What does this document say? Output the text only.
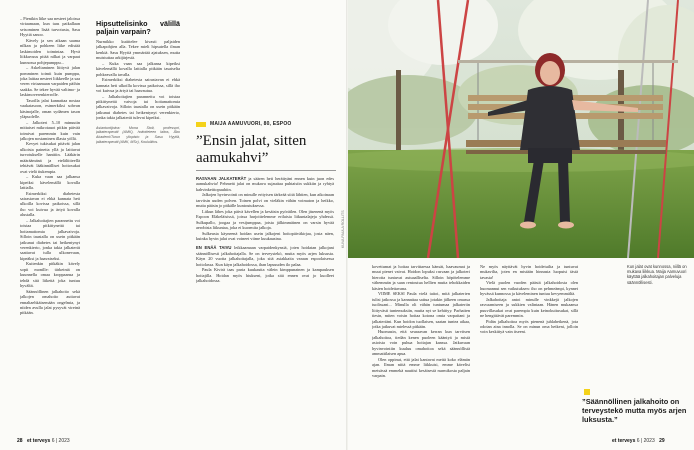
– Pienikin liike saa nesteet jaloissa virtaamaan, kun taas paikallaan seisominen lisää turvotusta, Sasu Hyytiä sanoo.

Kävely ja sen aikaan saama nilkan ja pohkeen liike edistää laskimoiden toimintaa. Hyvä liikkuvuus pitää nilkat ja varpaat kunnossa pohjepumppu...

– Askeltaminen liittyvä jalan pomminen toimii kuin pumppu, joka laittaa nesteet liikkeelle ja saa veren virtaamaan varpaiden päihin saakka. Se tekee hyvää valtimo- ja laskimoverenkierrolle.

Tasoilla jalat kannattaa nostaa vaakatasoon, esimerkiksi sohvan käsinojalle, oman sydämen tason yläpuolelle.

– Jalkoteri 5–10 minuutin mittaiset mikrotauot pitkin päivää toimivat paremmin kuin vain jalkojen nostaminen illasta yöllä.

Kevyet tukisukat pitävät jalan ulkoista painetta yllä ja laittavat turvotukselle hanttiin. Lääkärin määräämänä ja eteläliitteellä tehtävät lääkinnälliset hoitosukat ovat vielä tiukempia.

– Kuka vaan saa jalkansa kipeiksi kävelemällä kovalla lattialla.

Esimerkiksi diabetesta sairastavan ei ehkä kannata heti ulkoilla kovissa paikoissa, sillä iho voi kuivua ja ärtyä kovalla alustalla.

– Jalkahoitajien parannettu voi toistaa pitkittyneitä tai hoitamattomia jalkavaivoja. Silloin taustalla on usein pitkään jatkunut diabetes tai heikentynyt verenkierto, jonka takia jalkaterät saattavat tulla ulkonevaan, kipeäksi ja haavaiseksi.

Kuitenkin pitkäkin kävely sopii monille: tärkeintä on kuunnella omaa kroppaansa ja tehdä sitä liikettä joka tuntuu hyvältä.

Säännöllinen jalkahoito sekä jalkojen omahoito auttavat ennaltaehkäisemään ongelmia, ja niiden avulla jalat pysyvät vireinä pitkään.

Hipsuttelisinko välillä paljain varpain?

Nurmikko kutittelee kivasti paljaiden jalkapohjien alla. Tekee mieli hipsutella ilman kenkiä. Sasu Hyytiä ymmärtää ajatuksen, mutta muistuttaa arkijärjestä.

– Kuka vaan saa jalkansa kipeiksi kävelemällä kovalla lattialla pitkään tasaiselta pohkeavalla tavalla.

Esimerkiksi diabetesta sairastavan ei ehkä kannata heti ulkoilla kovissa paikoissa, sillä iho voi kuivua ja ärtyä tai haavautua.

– Jalkahoitajien parannettu voi toistaa pitkittyneitä vaivoja tai hoitamattomia jalkavaivoja. Silloin taustalla on usein pitkään jatkunut diabetes tai heikentynyt verenkierto, jonka takia jalkaterät tulevat kipeiksi.

Asiantuntijoina: Mona Stolt, professori, jalkaterapeutti (AMK), hoitotieteen laitos, Åbo Akademi/Turun yliopisto ja Sasu Hyytiä, jalkaterapeutti (AMK, MSc), Koululiitos.
MAIJA AAMUVUORI, 80, ESPOO
”Ensin jalat, sitten aamukahvi”

RASVAAN JALKATERÄT ja säären heti herättyäni ennen kuin juon edes aamukahvia! Pehmeät jalat on mukava sujauttaa puhtaisiin sukkiin ja ryhtyä kahvinkeittopuuhiin.

Jalkojen hyvinvointi on minulle erityisen tärkeää siitä lähtien, kun aikoinaan tarvitsin uuden polven. Toinen polvi on vieläkin vähän voimaton ja heikko, mutta pääsin jo pitkälle kuntoutuksessa.

Liikun lähes joka päivä kävellen ja kesäisin pyöräilen. Olen jäsenenä myös Espoon Eläkeläisissä, joissa harjoittelemme erilaisia liikuntalajeja yhdessä. Sulkupallo, joogaa ja vesijumppaa, joista jälkimmäinen on varsin hyvää aerobista liikuntaa, joka ei kuormita jalkoja.

Sulkeusta käyneenä hoidan usein jalkojeni hoitopäiväkirjaa, josta näen, kuinka hyvin jalat ovat voineet viime kuukausina.

EN ENÄÄ TAIVU leikkaamaan varpaidenkynsiä, joten hoidatan jalkojani säännöllisesti jalkahoitajalla. Se on terveystekö, mutta myös arjen luksusta. Käyn 20 vuotta jalkahoitajalla, joka sitä asiakkaita varaan espoolaisessa hoitolassa. Kun käyn jalkahoidossa, ihan lapsuuden ilo palaa.

Paula Kivirä taas paria kuukautta välein kimppunainen ja kampauksen hoitajilla. Hoidan myös hiukseni, jotka sitä ennen ovat jo kuolleet jalkahoidossa.

KUVA PAULA ROLLITS

kovettumat ja hoitaa tarvittaessa känsät, haavaumat ja muut pienet vaivat. Hoidon lopuksi rasvaan ja jalkoteri hierotta tuntuvat autuaalliselta. Silloin höpötelemme vähemmän ja saan rentoutua hellien mutta tehokkaiden käsien hoidettavana.

VIIME SEKSI Paula vielä taitoi, mitä jalkaterien tulisi jatkossa ja kannattaa sattua jotakin jälkeen omassa tuolissani... Minulla oli vähän tuntumaa jalkateriin liittyvästi tuntemuksiin, mutta nyt se kehittyy. Parhaiten tiesin, miten voisin hoitaa kotona omia varpaitani ja jalkateriäni. Kun hoidon tuollaisen, saatan tuntea aikaa, jotka jatkuvat mielessä pitkään.

Huomasin, että seuraavan kerran kun tarvitsen jalkahoitoa, tiedän kenen puoleen kääntyä ja mistä asioista voin puhua hoitajan kanssa. Jatkuvaan hyvinvointiin kuuluu omahoitoa sekä säännöllistä ammattilaisen apua.

Olen oppinut, että jalat kantavat meitä koko elämän ajan. Ilman niitä emme liikkuisi, emme kävelisi metsässä emmekä nauttisi kesäisestä nurmikosta paljain varpain.

Ne myös näyttävät hyvin hoidetuilta ja tuntuvat mukavilta, joten en mistään hinnasta luopuisi tästä tavasta!

Vielä puolen vuoden päästä jalkahoidosta olen huomannut sen vaikutuksen: iho on pehmeämpi, kynnet hyvässä kunnossa ja käveleminen tuntuu kevyemmältä.

Jalkahoitaja antoi minulle vinkkejä jalkojen rasvaamiseen ja sukkien valintaan. Hänen mukaansa puuvillasukat ovat parempia kuin keinokuitusukat, sillä ne hengittävät paremmin.

Pidän jalkahoitoa myös pienenä juhlahetkenä, jota odotan aina innolla. Se on minun oma hetkeni, jolloin voin keskittyä vain itseeni.

Kun jalat ovat kunnossa, niillä on mukava liikkua. Maija Aamuvuori käyttää jalkahoitajan palveluja säännöllisesti.
”Säännöllinen jalkahoito on terveystekö mutta myös arjen luksusta.”
28 et terveys 6 | 2023	et terveys 6 | 2023 29
